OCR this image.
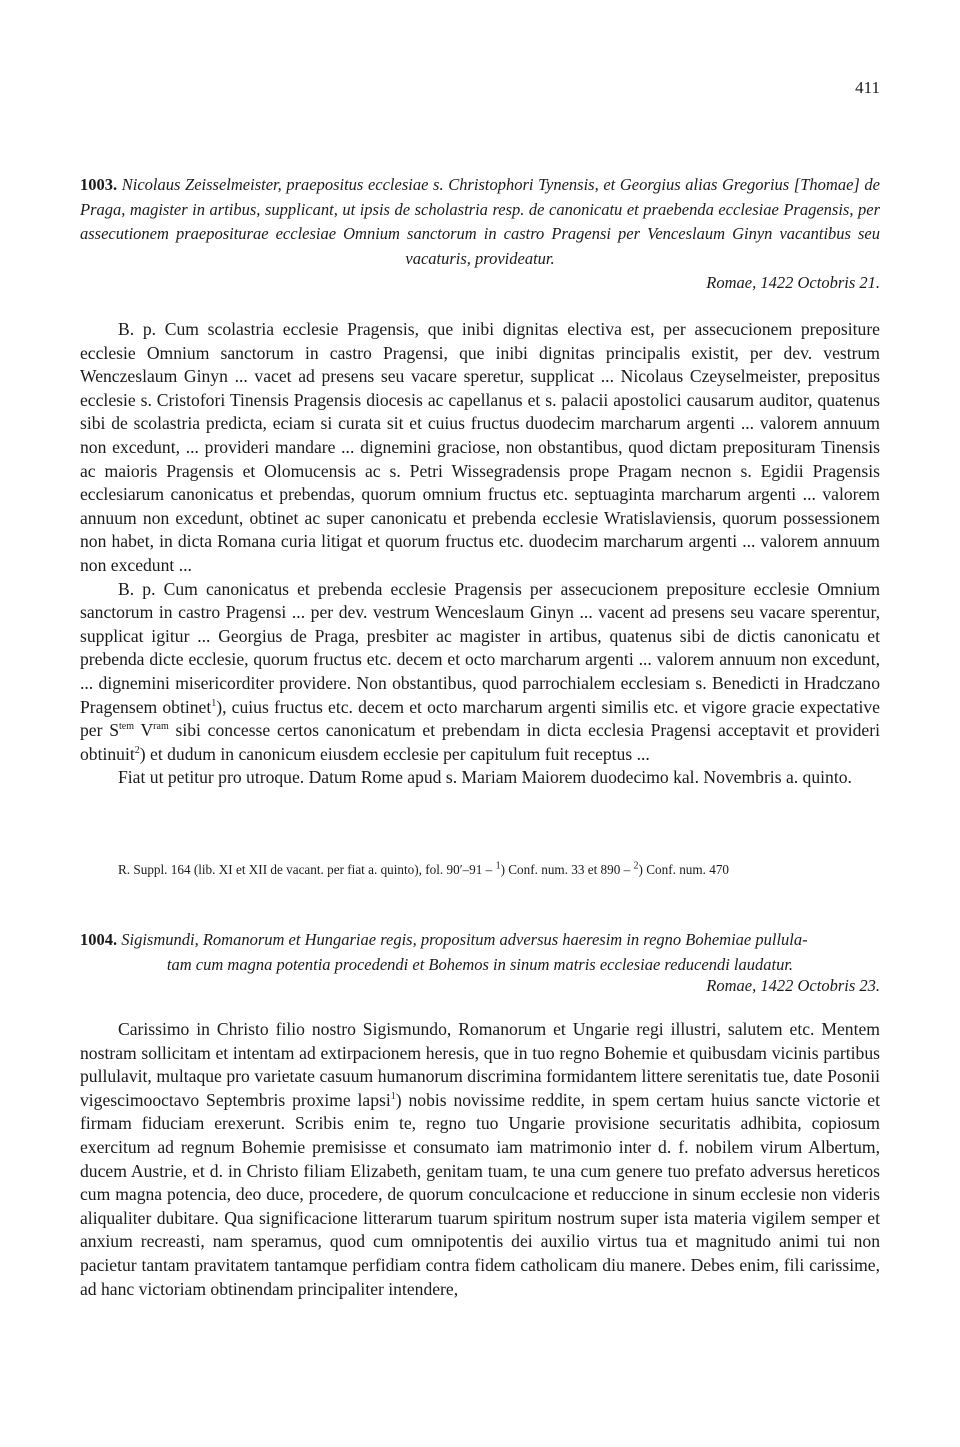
411
1003. Nicolaus Zeisselmeister, praepositus ecclesiae s. Christophori Tynensis, et Georgius alias Gregorius [Thomae] de Praga, magister in artibus, supplicant, ut ipsis de scholastria resp. de canonicatu et praebenda ecclesiae Pragensis, per assecutionem praepositurae ecclesiae Omnium sanctorum in castro Pragensi per Venceslaum Ginyn vacantibus seu vacaturis, provideatur.
Romae, 1422 Octobris 21.

B. p. Cum scolastria ecclesie Pragensis, que inibi dignitas electiva est, per assecucionem prepositure ecclesie Omnium sanctorum in castro Pragensi, que inibi dignitas principalis existit, per dev. vestrum Wenczeslaum Ginyn ... vacet ad presens seu vacare speretur, supplicat ... Nicolaus Czeyselmeister, prepositus ecclesie s. Cristofori Tinensis Pragensis diocesis ac capellanus et s. palacii apostolici causarum auditor, quatenus sibi de scolastria predicta, eciam si curata sit et cuius fructus duodecim marcharum argenti ... valorem annuum non excedunt, ... provideri mandare ... dignemini graciose, non obstantibus, quod dictam preposituram Tinensis ac maioris Pragensis et Olomucensis ac s. Petri Wissegradensis prope Pragam necnon s. Egidii Pragensis ecclesiarum canonicatus et prebendas, quorum omnium fructus etc. septuaginta marcharum argenti ... valorem annuum non excedunt, obtinet ac super canonicatu et prebenda ecclesie Wratislaviensis, quorum possessionem non habet, in dicta Romana curia litigat et quorum fructus etc. duodecim marcharum argenti ... valorem annuum non excedunt ...

B. p. Cum canonicatus et prebenda ecclesie Pragensis per assecucionem prepositure ecclesie Omnium sanctorum in castro Pragensi ... per dev. vestrum Wenceslaum Ginyn ... vacent ad presens seu vacare sperentur, supplicat igitur ... Georgius de Praga, presbiter ac magister in artibus, quatenus sibi de dictis canonicatu et prebenda dicte ecclesie, quorum fructus etc. decem et octo marcharum argenti ... valorem annuum non excedunt, ... dignemini misericorditer providere. Non obstantibus, quod parrochialem ecclesiam s. Benedicti in Hradczano Pragensem obtinet$^1$), cuius fructus etc. decem et octo marcharum argenti similis etc. et vigore gracie expectative per $S^{tem}$ $V^{ram}$ sibi concesse certos canonicatum et prebendam in dicta ecclesia Pragensi acceptavit et provideri obtinuit$^2$) et dudum in canonicum eiusdem ecclesie per capitulum fuit receptus ...

Fiat ut petitur pro utroque. Datum Rome apud s. Mariam Maiorem duodecimo kal. Novembris a. quinto.

R. Suppl. 164 (lib. XI et XII de vacant. per fiat a. quinto), fol. 90′–91 – $^1$) Conf. num. 33 et 890 – $^2$) Conf. num. 470
1004. Sigismundi, Romanorum et Hungariae regis, propositum adversus haeresim in regno Bohemiae pullula-
tam cum magna potentia procedendi et Bohemos in sinum matris ecclesiae reducendi laudatur.
Romae, 1422 Octobris 23.

Carissimo in Christo filio nostro Sigismundo, Romanorum et Ungarie regi illustri, salutem etc. Mentem nostram sollicitam et intentam ad extirpacionem heresis, que in tuo regno Bohemie et quibusdam vicinis partibus pullulavit, multaque pro varietate casuum humanorum discrimina formidantem littere serenitatis tue, date Posonii vigescimooctavo Septembris proxime lapsi$^1$) nobis novissime reddite, in spem certam huius sancte victorie et firmam fiduciam erexerunt. Scribis enim te, regno tuo Ungarie provisione securitatis adhibita, copiosum exercitum ad regnum Bohemie premisisse et consumato iam matrimonio inter d. f. nobilem virum Albertum, ducem Austrie, et d. in Christo filiam Elizabeth, genitam tuam, te una cum genere tuo prefato adversus hereticos cum magna potencia, deo duce, procedere, de quorum conculcacione et reduccione in sinum ecclesie non videris aliqualiter dubitare. Qua significacione litterarum tuarum spiritum nostrum super ista materia vigilem semper et anxium recreasti, nam speramus, quod cum omnipotentis dei auxilio virtus tua et magnitudo animi tui non pacietur tantam pravitatem tantamque perfidiam contra fidem catholicam diu manere. Debes enim, fili carissime, ad hanc victoriam obtinendam principaliter intendere,
